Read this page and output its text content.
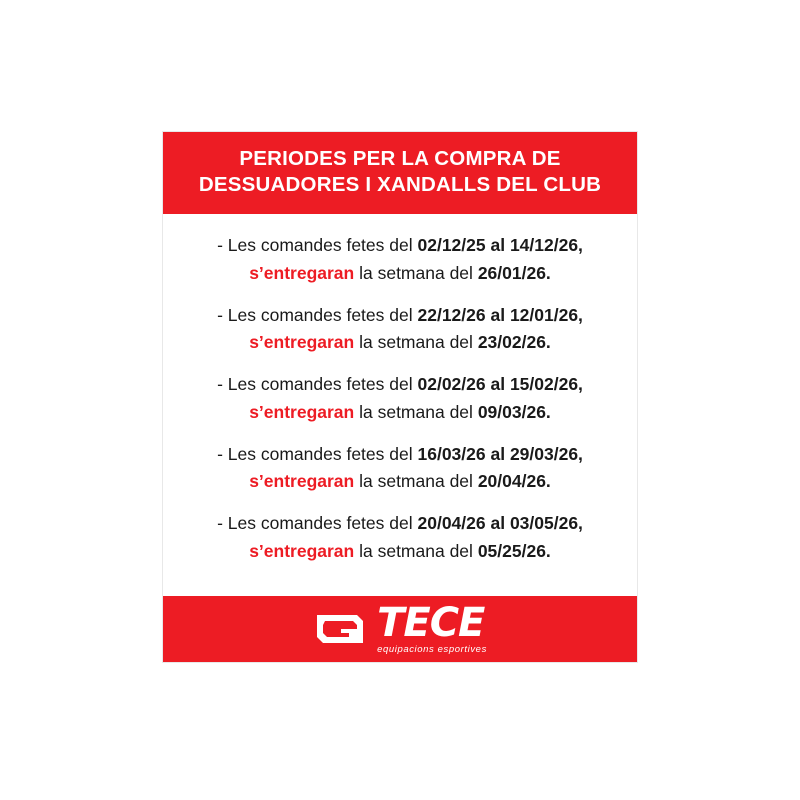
PERIODES PER LA COMPRA DE
DESSUADORES I XANDALLS DEL CLUB
- Les comandes fetes del 02/12/25 al 14/12/26,
s’entregaran la setmana del 26/01/26.
- Les comandes fetes del 22/12/26 al 12/01/26,
s’entregaran la setmana del 23/02/26.
- Les comandes fetes del 02/02/26 al 15/02/26,
s’entregaran la setmana del 09/03/26.
- Les comandes fetes del 16/03/26 al 29/03/26,
s’entregaran la setmana del 20/04/26.
- Les comandes fetes del 20/04/26 al 03/05/26,
s’entregaran la setmana del 05/25/26.
TECE
equipacions esportives
